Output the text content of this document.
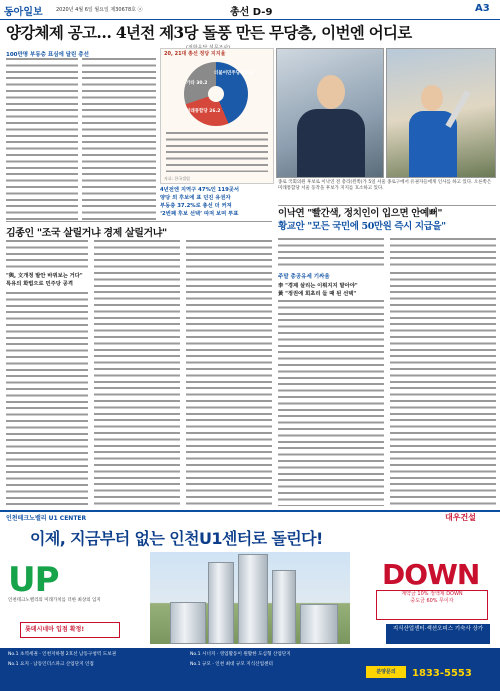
동아일보	2020년 4월 6일 월요일 제30678호 ⓐ	총선 D-9	A3
양강체제 공고… 4년전 제3당 돌풍 만든 무당층, 이번엔 어디로
100만명 부동층 표심에 달린 총선	20, 21대 총선 정당 지지율
더불어민주당 43.6
미래통합당 26.2
기타 30.2
자료: 한국갤럽
4년전엔 지역구 47%인 119곳서
양당 외 후보에 표 던진 유권자
부동층 37.2%로 총선 더 커져
‘2번째 후보 선택’ 따져 보며 투표
종로 국회의원 후보로 이낙연 전 총리(왼쪽)가 5일 서울 종로구에서 유권자들에게 인사를 하고 있다. 오른쪽은 미래통합당 서울 동작을 후보가 지지를 호소하고 있다.
이낙연 "빨간색, 정치인이 입으면 안예뻐"
황교안 "모든 국민에 50만원 즉시 지급을"
주말 총공유세 기싸움
李 "경제 살리는 이뤄지지 말아야"
黃 "정권에 회초리 들 때 된 선택"
김종인 "조국 살릴거냐 경제 살릴거냐"
"與, 文개정 발안 바꿔보는 거다"
특유의 화법으로 민주당 공격
인천테크노밸리 U1 CENTER	대우건설
이제, 지금부터 없는 인천U1센터로 돌린다!
UP
인천테크노밸리의 미래가치를 더한 최상의 입지
DOWN
계약금 10% 정액제 DOWN
중도금 60% 무이자
롯데시네마 입점 확정!	지식산업센터·섹션오피스 기숙사 상가
No.1 초역세권 · 인천지하철 2호선 남동구청역 도보권
No.1 요지 · 남동인더스파크 산업단지 인접
No.1 시너지 · 영업활동이 원활한 도심형 산업단지
No.1 규모 · 인천 최대 규모 지식산업센터
분양문의	1833-5553
